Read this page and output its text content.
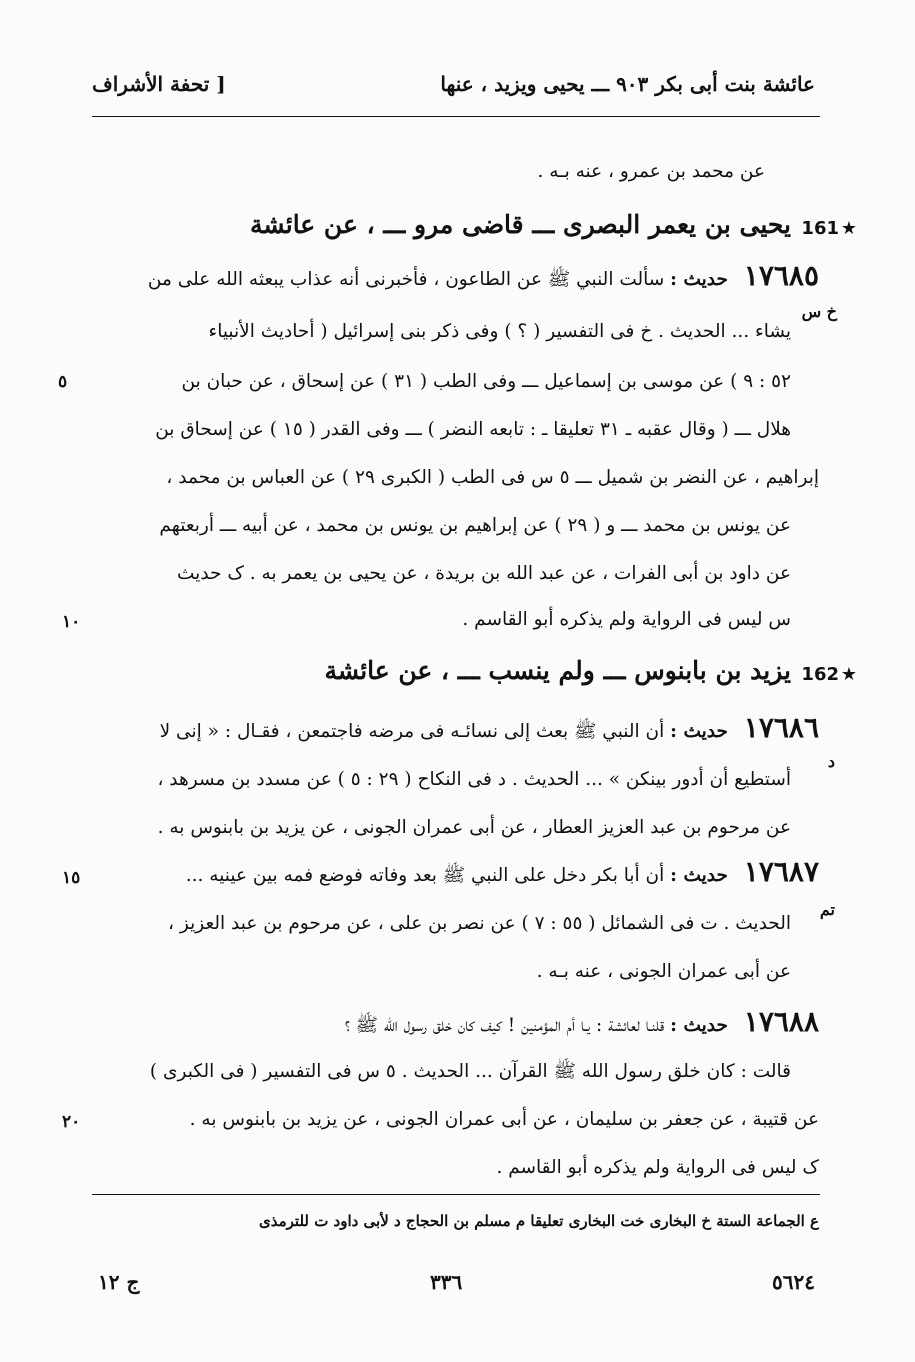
عائشة بنت أبى بكر ٩٠٣ ـــ يحيى ويزيد ، عنها
[ تحفة الأشراف
عن محمد بن عمرو ، عنه بـه .
161 ★
يحيى بن يعمر البصرى ـــ قاضى مرو ـــ ، عن عائشة
١٧٦٨٥ حديث : سألت النبي ﷺ عن الطاعون ، فأخبرنى أنه عذاب يبعثه الله على من
يشاء ... الحديث . خ فى التفسير ( ؟ ) وفى ذكر بنى إسرائيل ( أحاديث الأنبياء
٥٢ : ٩ ) عن موسى بن إسماعيل ـــ وفى الطب ( ٣١ ) عن إسحاق ، عن حبان بن
هلال ـــ ( وقال عقبه ـ ٣١ تعليقا ـ : تابعه النضر ) ـــ وفى القدر ( ١٥ ) عن إسحاق بن
إبراهيم ، عن النضر بن شميل ـــ ٥ س فى الطب ( الكبرى ٢٩ ) عن العباس بن محمد ،
عن يونس بن محمد ـــ و ( ٢٩ ) عن إبراهيم بن يونس بن محمد ، عن أبيه ـــ أربعتهم
عن داود بن أبى الفرات ، عن عبد الله بن بريدة ، عن يحيى بن يعمر به . ک حديث
س ليس فى الرواية ولم يذكره أبو القاسم .
162 ★
يزيد بن بابنوس ـــ ولم ينسب ـــ ، عن عائشة
١٧٦٨٦ حديث : أن النبي ﷺ بعث إلى نسائـه فى مرضه فاجتمعن ، فقـال : « إنى لا
أستطيع أن أدور بينكن » ... الحديث . د فى النكاح ( ٢٩ : ٥ ) عن مسدد بن مسرهد ،
عن مرحوم بن عبد العزيز العطار ، عن أبى عمران الجونى ، عن يزيد بن بابنوس به .
١٧٦٨٧ حديث : أن أبا بكر دخل على النبي ﷺ بعد وفاته فوضع فمه بين عينيه ...
الحديث . ت فى الشمائل ( ٥٥ : ٧ ) عن نصر بن على ، عن مرحوم بن عبد العزيز ،
عن أبى عمران الجونى ، عنه بـه .
١٧٦٨٨ حديث : قلنـا لعائشة : يـا أم المؤمنين ! كيف كان خلق رسول الله ﷺ ؟
قالت : كان خلق رسول الله ﷺ القرآن ... الحديث . ٥ س فى التفسير ( فى الكبرى )
عن قتيبة ، عن جعفر بن سليمان ، عن أبى عمران الجونى ، عن يزيد بن بابنوس به .
ک ليس فى الرواية ولم يذكره أبو القاسم .
خ س
د
تم
٥
١٠
١٥
٢٠
ع الجماعة الستة خ البخارى خت البخارى تعليقا م مسلم بن الحجاج د لأبى داود ت للترمذى
٥٦٢٤
٣٣٦
ج ١٢
